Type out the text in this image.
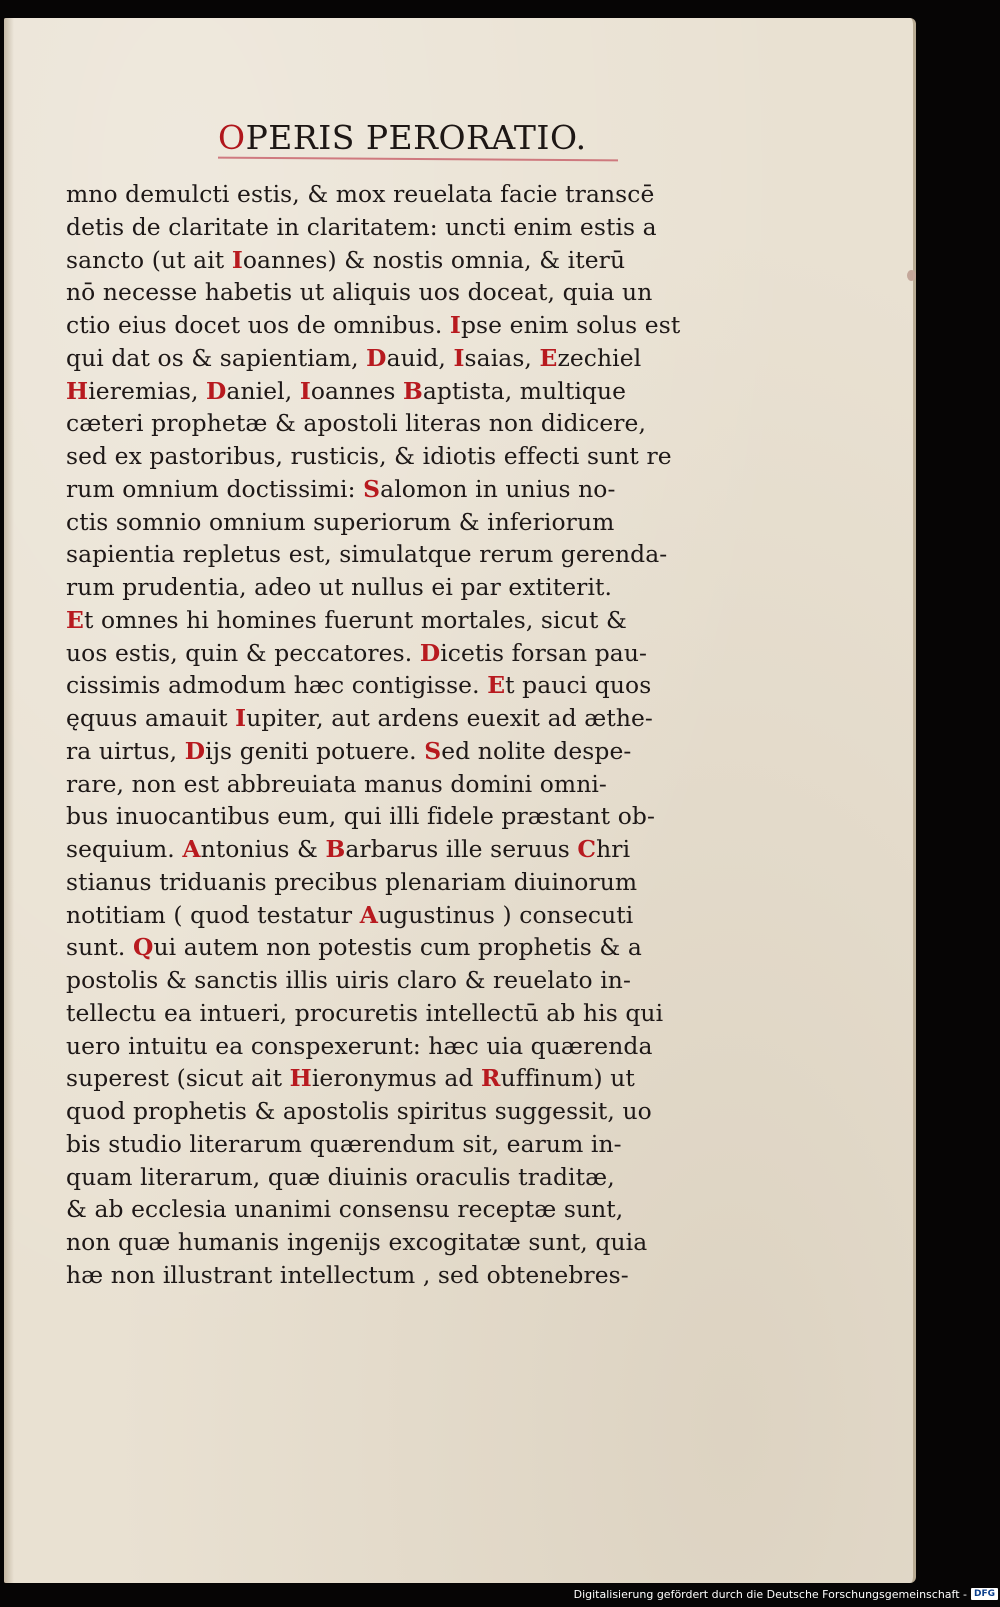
OPERIS PERORATIO.
mno demulcti estis, & mox reuelata facie transcē
detis de claritate in claritatem: uncti enim estis a
sancto (ut ait Ioannes) & nostis omnia, & iterū
nō necesse habetis ut aliquis uos doceat, quia un
ctio eius docet uos de omnibus. Ipse enim solus est
qui dat os & sapientiam, Dauid, Isaias, Ezechiel
Hieremias, Daniel, Ioannes Baptista, multique
cæteri prophetæ & apostoli literas non didicere,
sed ex pastoribus, rusticis, & idiotis effecti sunt re
rum omnium doctissimi: Salomon in unius no-
ctis somnio omnium superiorum & inferiorum
sapientia repletus est, simulatque rerum gerenda-
rum prudentia, adeo ut nullus ei par extiterit.
Et omnes hi homines fuerunt mortales, sicut &
uos estis, quin & peccatores. Dicetis forsan pau-
cissimis admodum hæc contigisse. Et pauci quos
ęquus amauit Iupiter, aut ardens euexit ad æthe-
ra uirtus, Dijs geniti potuere. Sed nolite despe-
rare, non est abbreuiata manus domini omni-
bus inuocantibus eum, qui illi fidele præstant ob-
sequium. Antonius & Barbarus ille seruus Chri
stianus triduanis precibus plenariam diuinorum
notitiam ( quod testatur Augustinus ) consecuti
sunt. Qui autem non potestis cum prophetis & a
postolis & sanctis illis uiris claro & reuelato in-
tellectu ea intueri, procuretis intellectū ab his qui
uero intuitu ea conspexerunt: hæc uia quærenda
superest (sicut ait Hieronymus ad Ruffinum) ut
quod prophetis & apostolis spiritus suggessit, uo
bis studio literarum quærendum sit, earum in-
quam literarum, quæ diuinis oraculis traditæ,
& ab ecclesia unanimi consensu receptæ sunt,
non quæ humanis ingenijs excogitatæ sunt, quia
hæ non illustrant intellectum , sed obtenebres-
Digitalisierung gefördert durch die Deutsche Forschungsgemeinschaft - DFG
